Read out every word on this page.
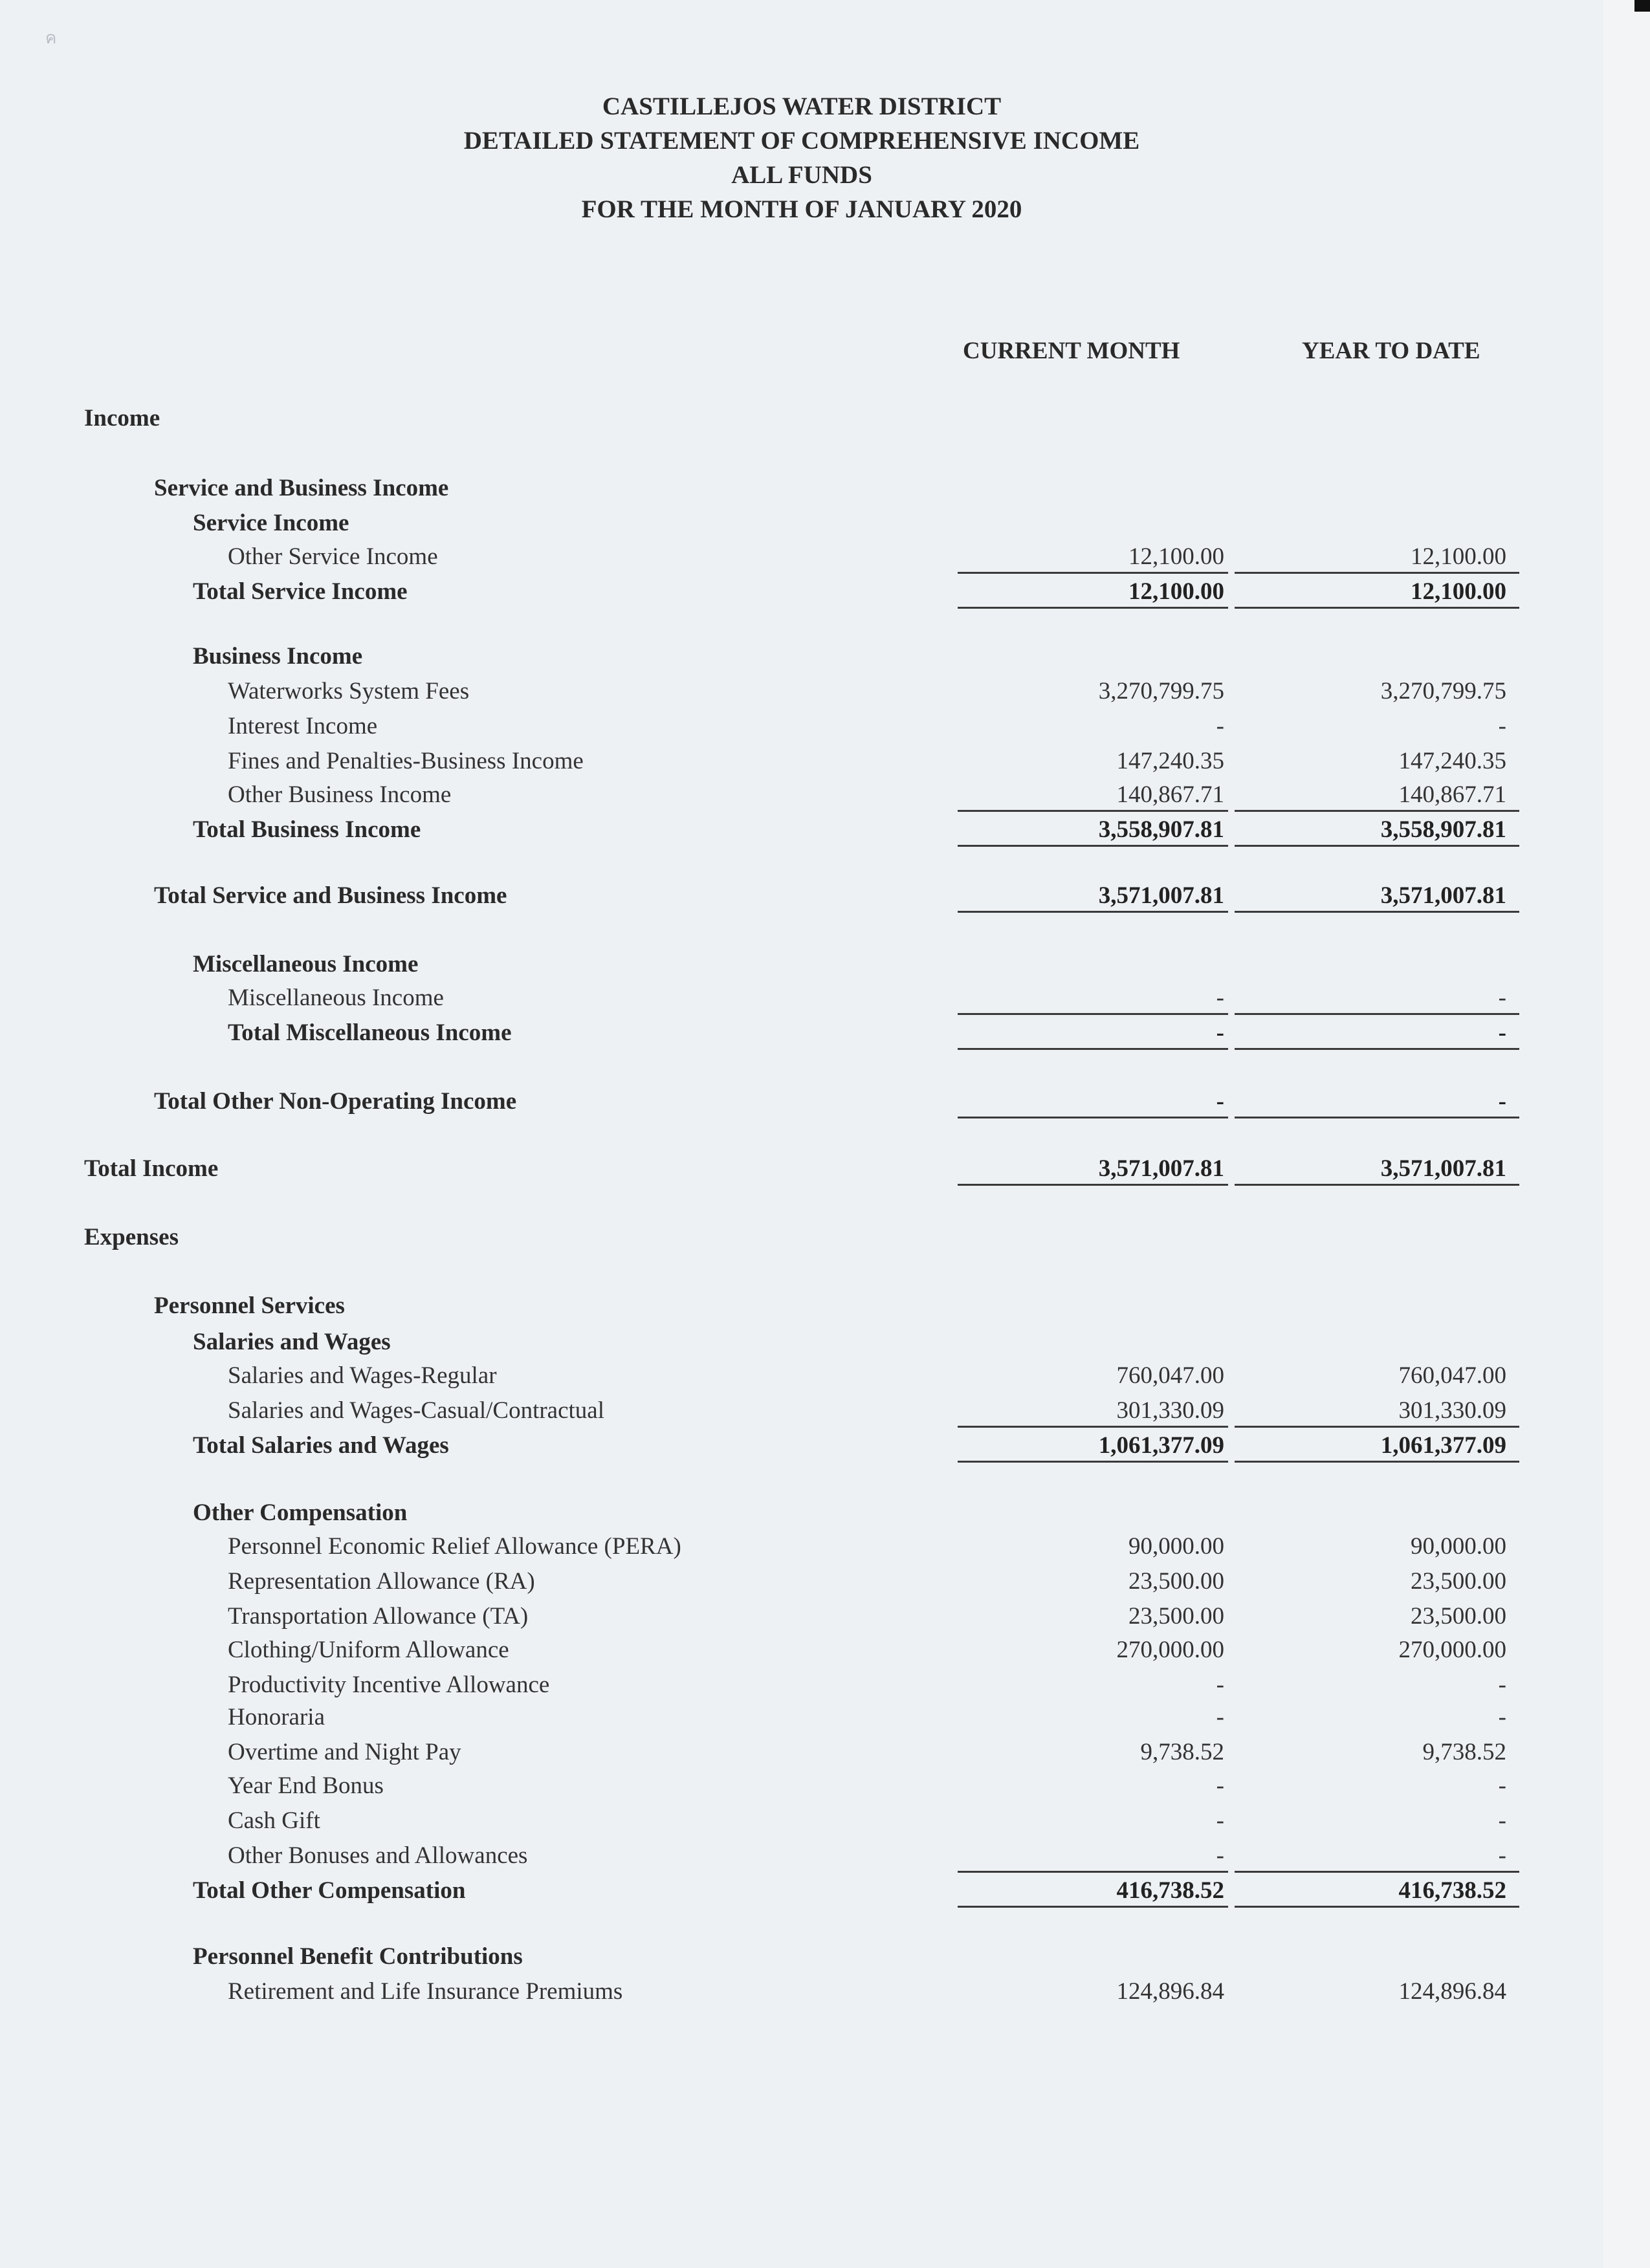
ค
CASTILLEJOS WATER DISTRICT
DETAILED STATEMENT OF COMPREHENSIVE INCOME
ALL FUNDS
FOR THE MONTH OF JANUARY 2020
CURRENT MONTH	YEAR TO DATE
Income
Service and Business Income
Service Income
Other Service Income	12,100.00	12,100.00
Total Service Income	12,100.00	12,100.00
Business Income
Waterworks System Fees	3,270,799.75	3,270,799.75
Interest Income	-	-
Fines and Penalties-Business Income	147,240.35	147,240.35
Other Business Income	140,867.71	140,867.71
Total Business Income	3,558,907.81	3,558,907.81
Total Service and Business Income	3,571,007.81	3,571,007.81
Miscellaneous Income
Miscellaneous Income	-	-
Total Miscellaneous Income	-	-
Total Other Non-Operating Income	-	-
Total Income	3,571,007.81	3,571,007.81
Expenses
Personnel Services
Salaries and Wages
Salaries and Wages-Regular	760,047.00	760,047.00
Salaries and Wages-Casual/Contractual	301,330.09	301,330.09
Total Salaries and Wages	1,061,377.09	1,061,377.09
Other Compensation
Personnel Economic Relief Allowance (PERA)	90,000.00	90,000.00
Representation Allowance (RA)	23,500.00	23,500.00
Transportation Allowance (TA)	23,500.00	23,500.00
Clothing/Uniform Allowance	270,000.00	270,000.00
Productivity Incentive Allowance	-	-
Honoraria	-	-
Overtime and Night Pay	9,738.52	9,738.52
Year End Bonus	-	-
Cash Gift	-	-
Other Bonuses and Allowances	-	-
Total Other Compensation	416,738.52	416,738.52
Personnel Benefit Contributions
Retirement and Life Insurance Premiums	124,896.84	124,896.84
